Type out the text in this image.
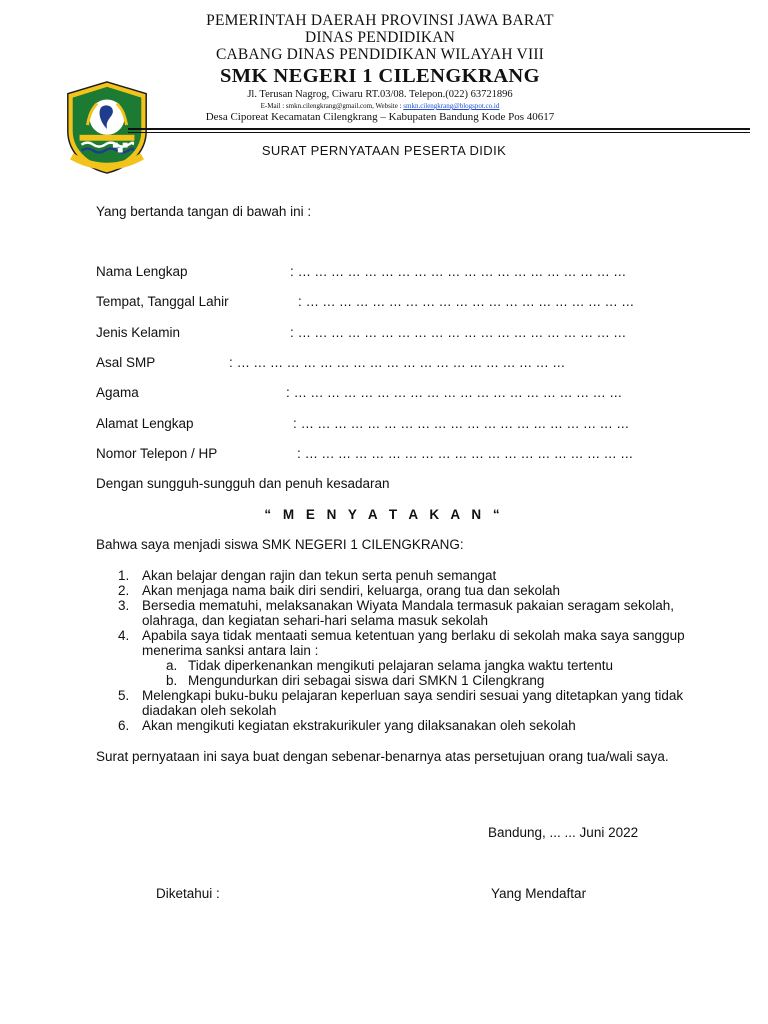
PEMERINTAH DAERAH PROVINSI JAWA BARAT
DINAS PENDIDIKAN
CABANG DINAS PENDIDIKAN WILAYAH VIII
SMK NEGERI 1 CILENGKRANG
Jl. Terusan Nagrog, Ciwaru RT.03/08. Telepon.(022) 63721896
E-Mail : smkn.cilengkrang@gmail.com, Website : smkn.cilengkrang@blogspot.co.id
Desa Ciporeat Kecamatan Cilengkrang – Kabupaten Bandung Kode Pos 40617
SURAT PERNYATAAN PESERTA DIDIK
Yang bertanda tangan di bawah ini :
Nama Lengkap	: ... ... ... ... ... ... ... ... ... ... ... ... ... ... ... ... ... ... ... ...
Tempat, Tanggal Lahir	: ... ... ... ... ... ... ... ... ... ... ... ... ... ... ... ... ... ... ... ...
Jenis Kelamin	: ... ... ... ... ... ... ... ... ... ... ... ... ... ... ... ... ... ... ... ...
Asal SMP	: ... ... ... ... ... ... ... ... ... ... ... ... ... ... ... ... ... ... ... ...
Agama	: ... ... ... ... ... ... ... ... ... ... ... ... ... ... ... ... ... ... ... ...
Alamat Lengkap	: ... ... ... ... ... ... ... ... ... ... ... ... ... ... ... ... ... ... ... ...
Nomor Telepon / HP	: ... ... ... ... ... ... ... ... ... ... ... ... ... ... ... ... ... ... ... ...
Dengan sungguh-sungguh dan penuh kesadaran
“ M E N Y A T A K A N “
Bahwa saya menjadi siswa SMK NEGERI 1 CILENGKRANG:
1. Akan belajar dengan rajin dan tekun serta penuh semangat
2. Akan menjaga nama baik diri sendiri, keluarga, orang tua dan sekolah
3. Bersedia mematuhi, melaksanakan Wiyata Mandala termasuk pakaian seragam sekolah, olahraga, dan kegiatan sehari-hari selama masuk sekolah
4. Apabila saya tidak mentaati semua ketentuan yang berlaku di sekolah maka saya sanggup menerima sanksi antara lain :
a. Tidak diperkenankan mengikuti pelajaran selama jangka waktu tertentu
b. Mengundurkan diri sebagai siswa dari SMKN 1 Cilengkrang
5. Melengkapi buku-buku pelajaran keperluan saya sendiri sesuai yang ditetapkan yang tidak diadakan oleh sekolah
6. Akan mengikuti kegiatan ekstrakurikuler yang dilaksanakan oleh sekolah
Surat pernyataan ini saya buat dengan sebenar-benarnya atas persetujuan orang tua/wali saya.
Bandung, ... ... Juni 2022
Diketahui :	Yang Mendaftar
